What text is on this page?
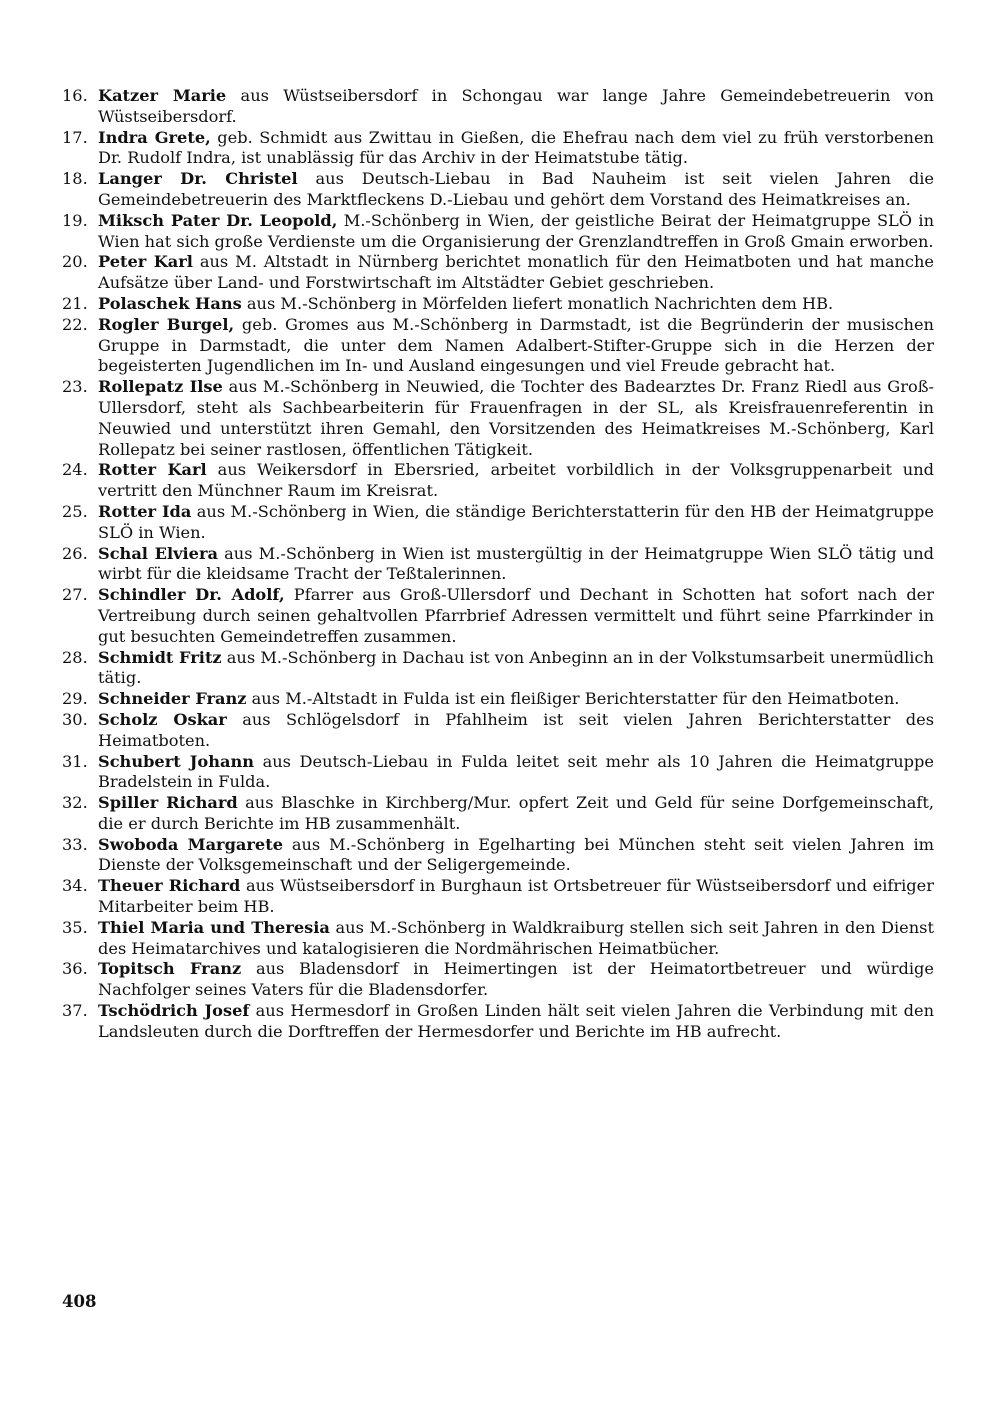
16. Katzer Marie aus Wüstseibersdorf in Schongau war lange Jahre Gemeindebetreuerin von Wüstseibersdorf.
17. Indra Grete, geb. Schmidt aus Zwittau in Gießen, die Ehefrau nach dem viel zu früh verstorbenen Dr. Rudolf Indra, ist unablässig für das Archiv in der Heimatstube tätig.
18. Langer Dr. Christel aus Deutsch-Liebau in Bad Nauheim ist seit vielen Jahren die Gemeindebetreuerin des Marktfleckens D.-Liebau und gehört dem Vorstand des Heimatkreises an.
19. Miksch Pater Dr. Leopold, M.-Schönberg in Wien, der geistliche Beirat der Heimatgruppe SLÖ in Wien hat sich große Verdienste um die Organisierung der Grenzlandtreffen in Groß Gmain erworben.
20. Peter Karl aus M. Altstadt in Nürnberg berichtet monatlich für den Heimatboten und hat manche Aufsätze über Land- und Forstwirtschaft im Altstädter Gebiet geschrieben.
21. Polaschek Hans aus M.-Schönberg in Mörfelden liefert monatlich Nachrichten dem HB.
22. Rogler Burgel, geb. Gromes aus M.-Schönberg in Darmstadt, ist die Begründerin der musischen Gruppe in Darmstadt, die unter dem Namen Adalbert-Stifter-Gruppe sich in die Herzen der begeisterten Jugendlichen im In- und Ausland eingesungen und viel Freude gebracht hat.
23. Rollepatz Ilse aus M.-Schönberg in Neuwied, die Tochter des Badearztes Dr. Franz Riedl aus Groß-Ullersdorf, steht als Sachbearbeiterin für Frauenfragen in der SL, als Kreisfrauenreferentin in Neuwied und unterstützt ihren Gemahl, den Vorsitzenden des Heimatkreises M.-Schönberg, Karl Rollepatz bei seiner rastlosen, öffentlichen Tätigkeit.
24. Rotter Karl aus Weikersdorf in Ebersried, arbeitet vorbildlich in der Volksgruppenarbeit und vertritt den Münchner Raum im Kreisrat.
25. Rotter Ida aus M.-Schönberg in Wien, die ständige Berichterstatterin für den HB der Heimatgruppe SLÖ in Wien.
26. Schal Elviera aus M.-Schönberg in Wien ist mustergültig in der Heimatgruppe Wien SLÖ tätig und wirbt für die kleidsame Tracht der Teßtalerinnen.
27. Schindler Dr. Adolf, Pfarrer aus Groß-Ullersdorf und Dechant in Schotten hat sofort nach der Vertreibung durch seinen gehaltvollen Pfarrbrief Adressen vermittelt und führt seine Pfarrkinder in gut besuchten Gemeindetreffen zusammen.
28. Schmidt Fritz aus M.-Schönberg in Dachau ist von Anbeginn an in der Volkstumsarbeit unermüdlich tätig.
29. Schneider Franz aus M.-Altstadt in Fulda ist ein fleißiger Berichterstatter für den Heimatboten.
30. Scholz Oskar aus Schlögelsdorf in Pfahlheim ist seit vielen Jahren Berichterstatter des Heimatboten.
31. Schubert Johann aus Deutsch-Liebau in Fulda leitet seit mehr als 10 Jahren die Heimatgruppe Bradelstein in Fulda.
32. Spiller Richard aus Blaschke in Kirchberg/Mur. opfert Zeit und Geld für seine Dorfgemeinschaft, die er durch Berichte im HB zusammenhält.
33. Swoboda Margarete aus M.-Schönberg in Egelharting bei München steht seit vielen Jahren im Dienste der Volksgemeinschaft und der Seligergemeinde.
34. Theuer Richard aus Wüstseibersdorf in Burghaun ist Ortsbetreuer für Wüstseibersdorf und eifriger Mitarbeiter beim HB.
35. Thiel Maria und Theresia aus M.-Schönberg in Waldkraiburg stellen sich seit Jahren in den Dienst des Heimatarchives und katalogisieren die Nordmährischen Heimatbücher.
36. Topitsch Franz aus Bladensdorf in Heimertingen ist der Heimatortbetreuer und würdige Nachfolger seines Vaters für die Bladensdorfer.
37. Tschödrich Josef aus Hermesdorf in Großen Linden hält seit vielen Jahren die Verbindung mit den Landsleuten durch die Dorftreffen der Hermesdorfer und Berichte im HB aufrecht.
408
